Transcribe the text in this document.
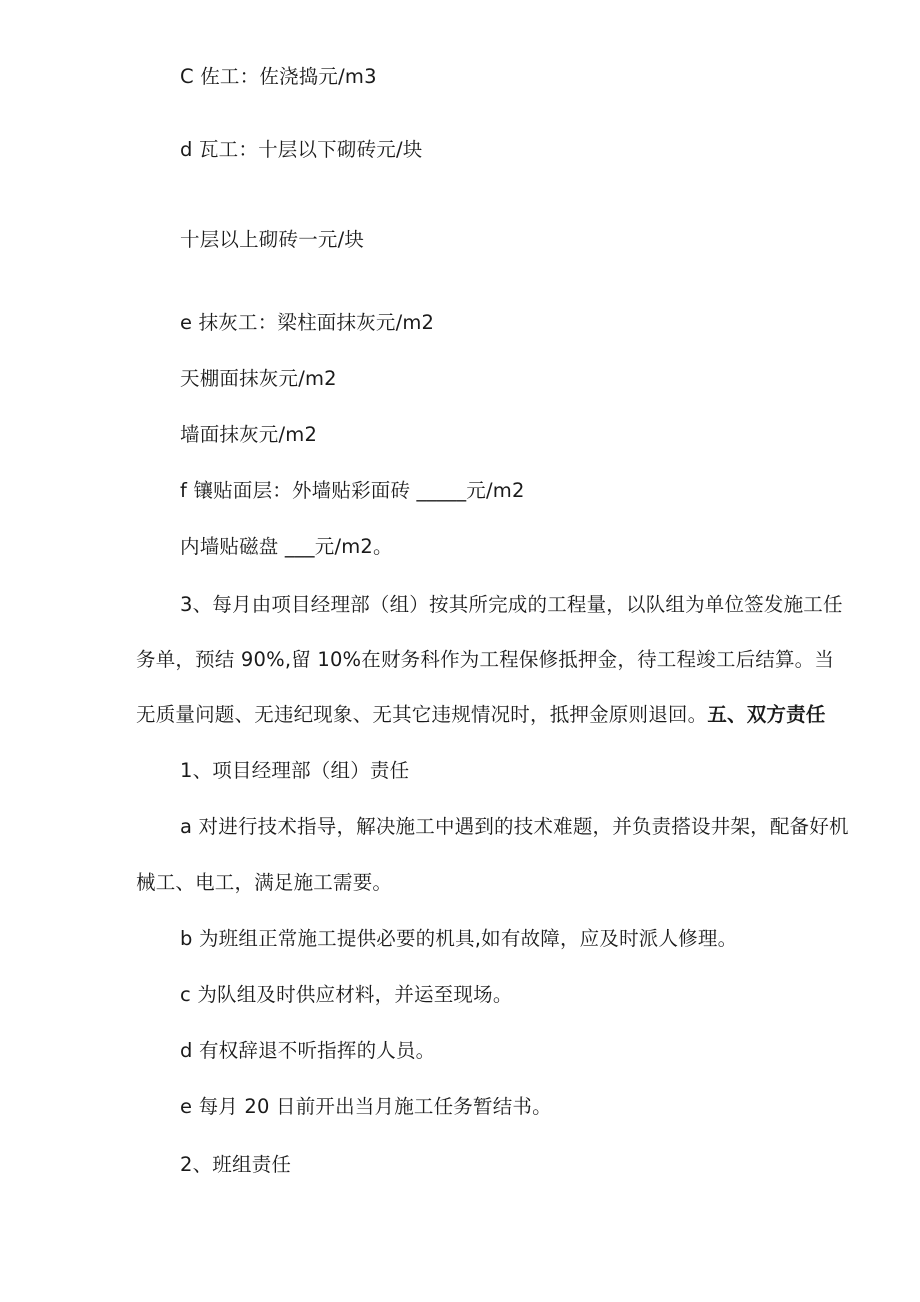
C 佐工：佐浇捣元/m3
d 瓦工：十层以下砌砖元/块
十层以上砌砖一元/块
e 抹灰工：梁柱面抹灰元/m2
天棚面抹灰元/m2
墙面抹灰元/m2
f 镶贴面层：外墙贴彩面砖 _____元/m2
内墙贴磁盘 ___元/m2。
3、每月由项目经理部（组）按其所完成的工程量，以队组为单位签发施工任
务单，预结 90%,留 10%在财务科作为工程保修抵押金，待工程竣工后结算。当
无质量问题、无违纪现象、无其它违规情况时，抵押金原则退回。五、双方责任
1、项目经理部（组）责任
a 对进行技术指导，解决施工中遇到的技术难题，并负责搭设井架，配备好机
械工、电工，满足施工需要。
b 为班组正常施工提供必要的机具,如有故障，应及时派人修理。
c 为队组及时供应材料，并运至现场。
d 有权辞退不听指挥的人员。
e 每月 20 日前开出当月施工任务暂结书。
2、班组责任
